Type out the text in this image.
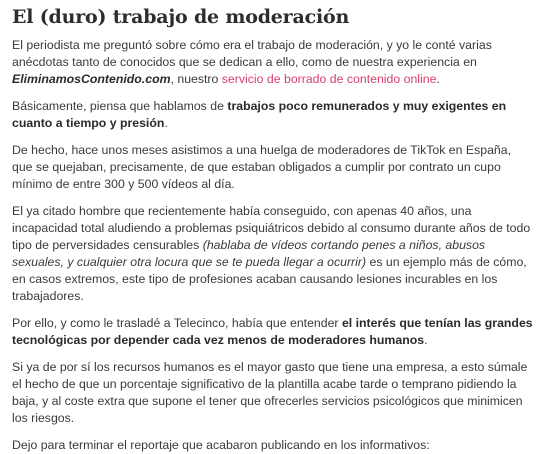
El (duro) trabajo de moderación

El periodista me preguntó sobre cómo era el trabajo de moderación, y yo le conté varias anécdotas tanto de conocidos que se dedican a ello, como de nuestra experiencia en EliminamosContenido.com, nuestro servicio de borrado de contenido online.

Básicamente, piensa que hablamos de trabajos poco remunerados y muy exigentes en cuanto a tiempo y presión.

De hecho, hace unos meses asistimos a una huelga de moderadores de TikTok en España, que se quejaban, precisamente, de que estaban obligados a cumplir por contrato un cupo mínimo de entre 300 y 500 vídeos al día.

El ya citado hombre que recientemente había conseguido, con apenas 40 años, una incapacidad total aludiendo a problemas psiquiátricos debido al consumo durante años de todo tipo de perversidades censurables (hablaba de vídeos cortando penes a niños, abusos sexuales, y cualquier otra locura que se te pueda llegar a ocurrir) es un ejemplo más de cómo, en casos extremos, este tipo de profesiones acaban causando lesiones incurables en los trabajadores.

Por ello, y como le trasladé a Telecinco, había que entender el interés que tenían las grandes tecnológicas por depender cada vez menos de moderadores humanos.

Si ya de por sí los recursos humanos es el mayor gasto que tiene una empresa, a esto súmale el hecho de que un porcentaje significativo de la plantilla acabe tarde o temprano pidiendo la baja, y al coste extra que supone el tener que ofrecerles servicios psicológicos que minimicen los riesgos.

Dejo para terminar el reportaje que acabaron publicando en los informativos:
